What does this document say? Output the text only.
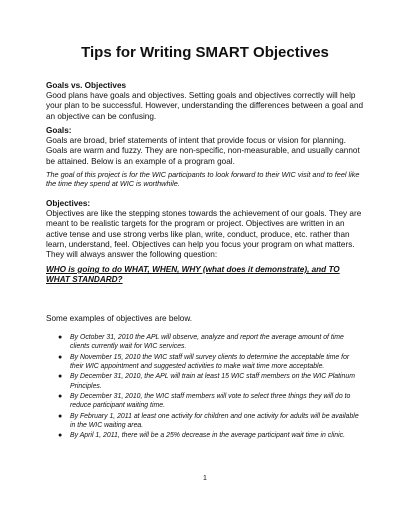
Tips for Writing SMART Objectives
Goals vs. Objectives
Good plans have goals and objectives. Setting goals and objectives correctly will help your plan to be successful. However, understanding the differences between a goal and an objective can be confusing.
Goals:
Goals are broad, brief statements of intent that provide focus or vision for planning. Goals are warm and fuzzy. They are non-specific, non-measurable, and usually cannot be attained. Below is an example of a program goal.
The goal of this project is for the WIC participants to look forward to their WIC visit and to feel like the time they spend at WIC is worthwhile.
Objectives:
Objectives are like the stepping stones towards the achievement of our goals. They are meant to be realistic targets for the program or project. Objectives are written in an active tense and use strong verbs like plan, write, conduct, produce, etc. rather than learn, understand, feel. Objectives can help you focus your program on what matters. They will always answer the following question:
WHO is going to do WHAT, WHEN, WHY (what does it demonstrate), and TO WHAT STANDARD?
Some examples of objectives are below.
● By October 31, 2010 the APL will observe, analyze and report the average amount of time clients currently wait for WIC services.
● By November 15, 2010 the WIC staff will survey clients to determine the acceptable time for their WIC appointment and suggested activities to make wait time more acceptable.
● By December 31, 2010, the APL will train at least 15 WIC staff members on the WIC Platinum Principles.
● By December 31, 2010, the WIC staff members will vote to select three things they will do to reduce participant waiting time.
● By February 1, 2011 at least one activity for children and one activity for adults will be available in the WIC waiting area.
● By April 1, 2011, there will be a 25% decrease in the average participant wait time in clinic.
1
